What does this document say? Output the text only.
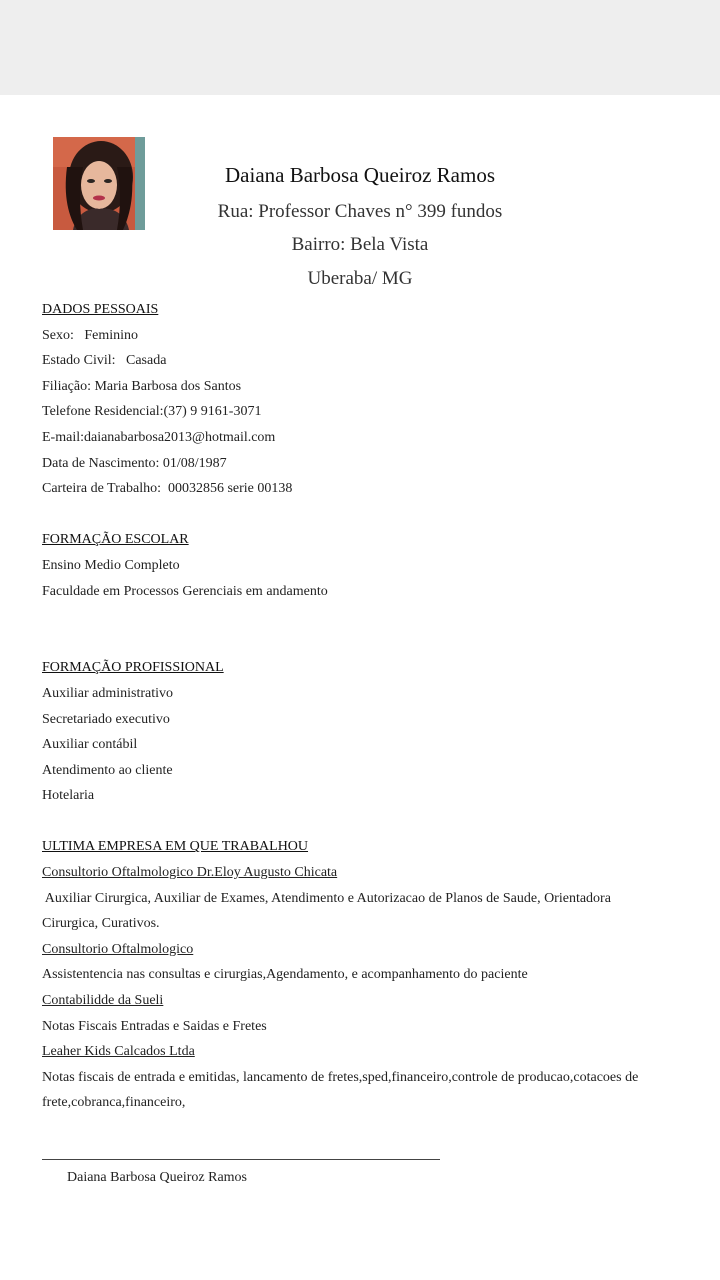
Daiana Barbosa Queiroz Ramos
Rua: Professor Chaves n° 399 fundos
Bairro: Bela Vista
Uberaba/ MG
DADOS PESSOAIS
Sexo:   Feminino
Estado Civil:   Casada
Filiação: Maria Barbosa dos Santos
Telefone Residencial:(37) 9 9161-3071
E-mail:daianabarbosa2013@hotmail.com
Data de Nascimento: 01/08/1987
Carteira de Trabalho:  00032856 serie 00138
FORMAÇÃO ESCOLAR
Ensino Medio Completo
Faculdade em Processos Gerenciais em andamento
FORMAÇÃO PROFISSIONAL
Auxiliar administrativo
Secretariado executivo
Auxiliar contábil
Atendimento ao cliente
Hotelaria
ULTIMA EMPRESA EM QUE TRABALHOU
Consultorio Oftalmologico Dr.Eloy Augusto Chicata
Auxiliar Cirurgica, Auxiliar de Exames, Atendimento e Autorizacao de Planos de Saude, Orientadora
Cirurgica, Curativos.
Consultorio Oftalmologico
Assistentencia nas consultas e cirurgias,Agendamento, e acompanhamento do paciente
Contabilidde da Sueli
Notas Fiscais Entradas e Saidas e Fretes
Leaher Kids Calcados Ltda
Notas fiscais de entrada e emitidas, lancamento de fretes,sped,financeiro,controle de producao,cotacoes de
frete,cobranca,financeiro,
Daiana Barbosa Queiroz Ramos
